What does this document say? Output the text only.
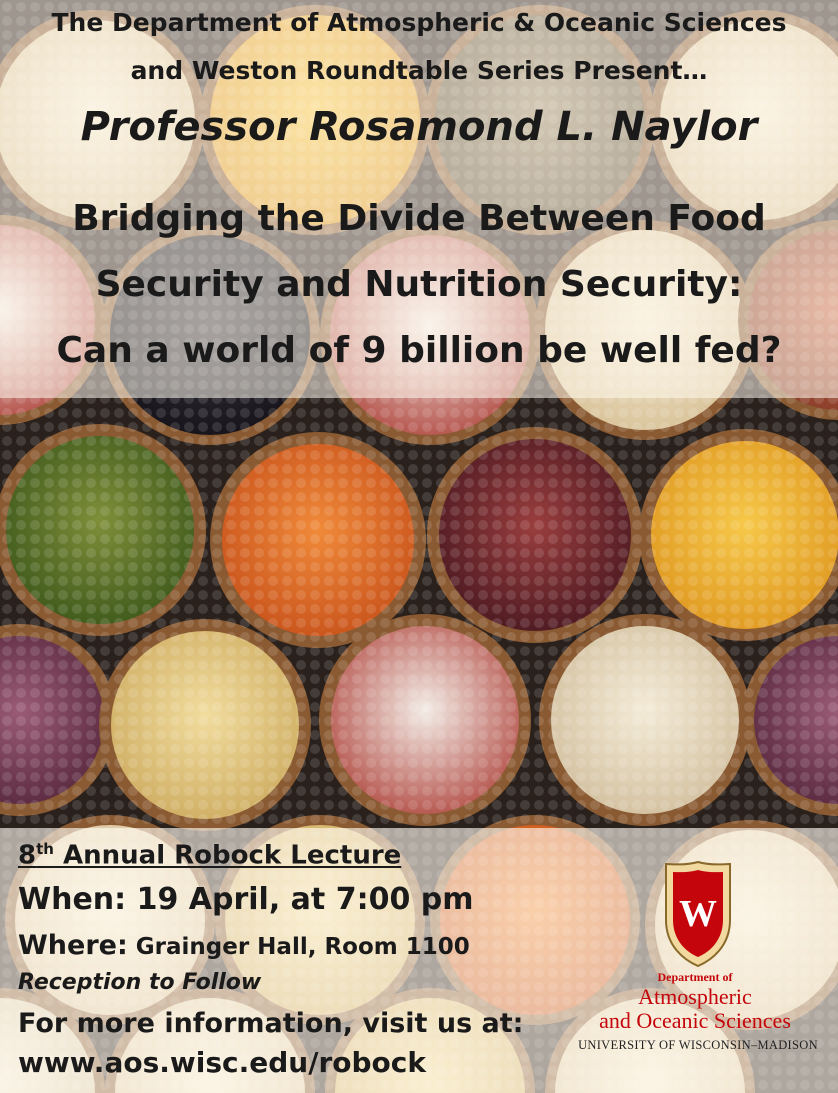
The Department of Atmospheric & Oceanic Sciences

and Weston Roundtable Series Present…

Professor Rosamond L. Naylor

Bridging the Divide Between Food

Security and Nutrition Security:

Can a world of 9 billion be well fed?

8th Annual Robock Lecture

When: 19 April, at 7:00 pm

Where: Grainger Hall, Room 1100

Reception to Follow

For more information, visit us at:

www.aos.wisc.edu/robock

W
Department of
Atmospheric
and Oceanic Sciences
UNIVERSITY OF WISCONSIN–MADISON
